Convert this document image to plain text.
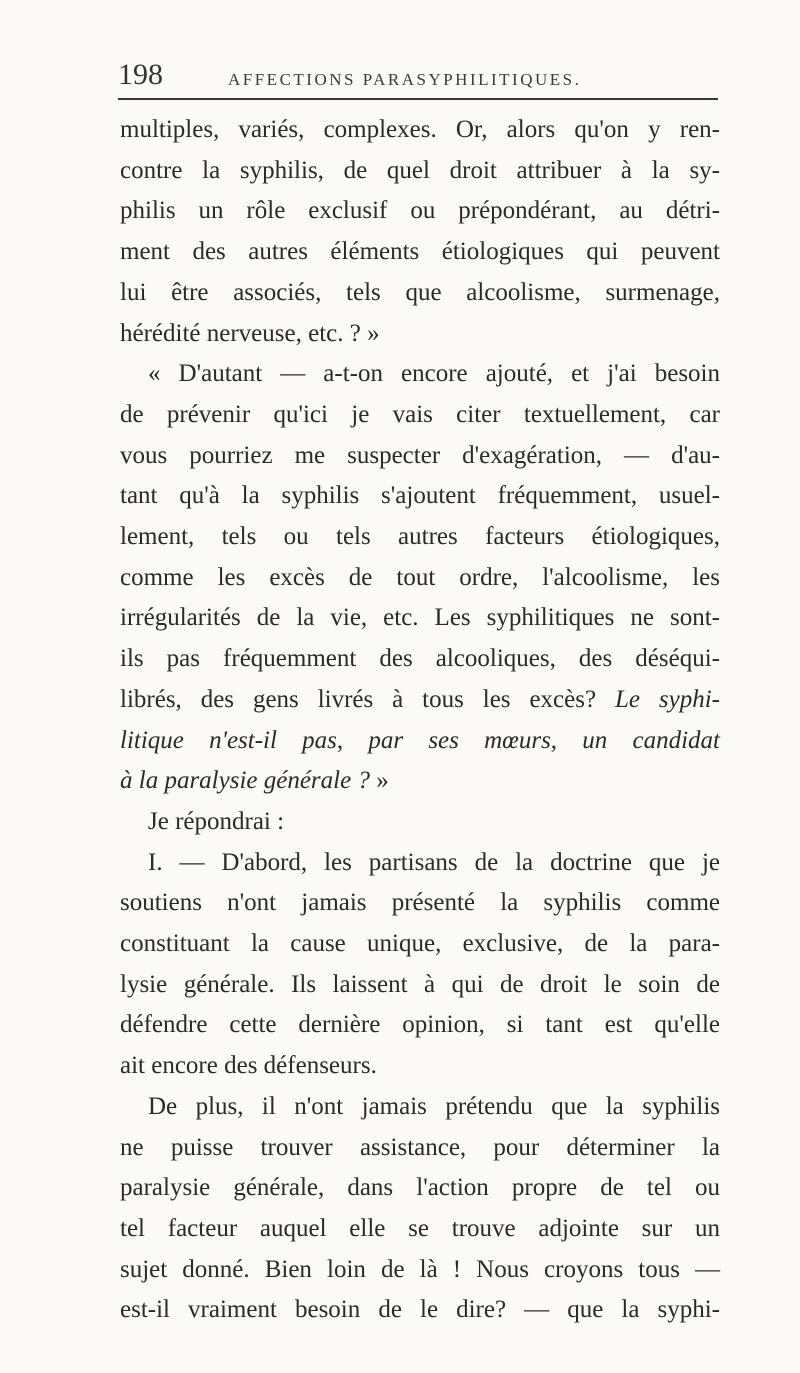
198	AFFECTIONS PARASYPHILITIQUES.

multiples, variés, complexes. Or, alors qu'on y ren-
contre la syphilis, de quel droit attribuer à la sy-
philis un rôle exclusif ou prépondérant, au détri-
ment des autres éléments étiologiques qui peuvent
lui être associés, tels que alcoolisme, surmenage,
hérédité nerveuse, etc. ? »

« D'autant — a-t-on encore ajouté, et j'ai besoin
de prévenir qu'ici je vais citer textuellement, car
vous pourriez me suspecter d'exagération, — d'au-
tant qu'à la syphilis s'ajoutent fréquemment, usuel-
lement, tels ou tels autres facteurs étiologiques,
comme les excès de tout ordre, l'alcoolisme, les
irrégularités de la vie, etc. Les syphilitiques ne sont-
ils pas fréquemment des alcooliques, des déséqui-
librés, des gens livrés à tous les excès? Le syphi-
litique n'est-il pas, par ses mœurs, un candidat
à la paralysie générale ? »

Je répondrai :

I. — D'abord, les partisans de la doctrine que je
soutiens n'ont jamais présenté la syphilis comme
constituant la cause unique, exclusive, de la para-
lysie générale. Ils laissent à qui de droit le soin de
défendre cette dernière opinion, si tant est qu'elle
ait encore des défenseurs.

De plus, il n'ont jamais prétendu que la syphilis
ne puisse trouver assistance, pour déterminer la
paralysie générale, dans l'action propre de tel ou
tel facteur auquel elle se trouve adjointe sur un
sujet donné. Bien loin de là ! Nous croyons tous —
est-il vraiment besoin de le dire? — que la syphi-
